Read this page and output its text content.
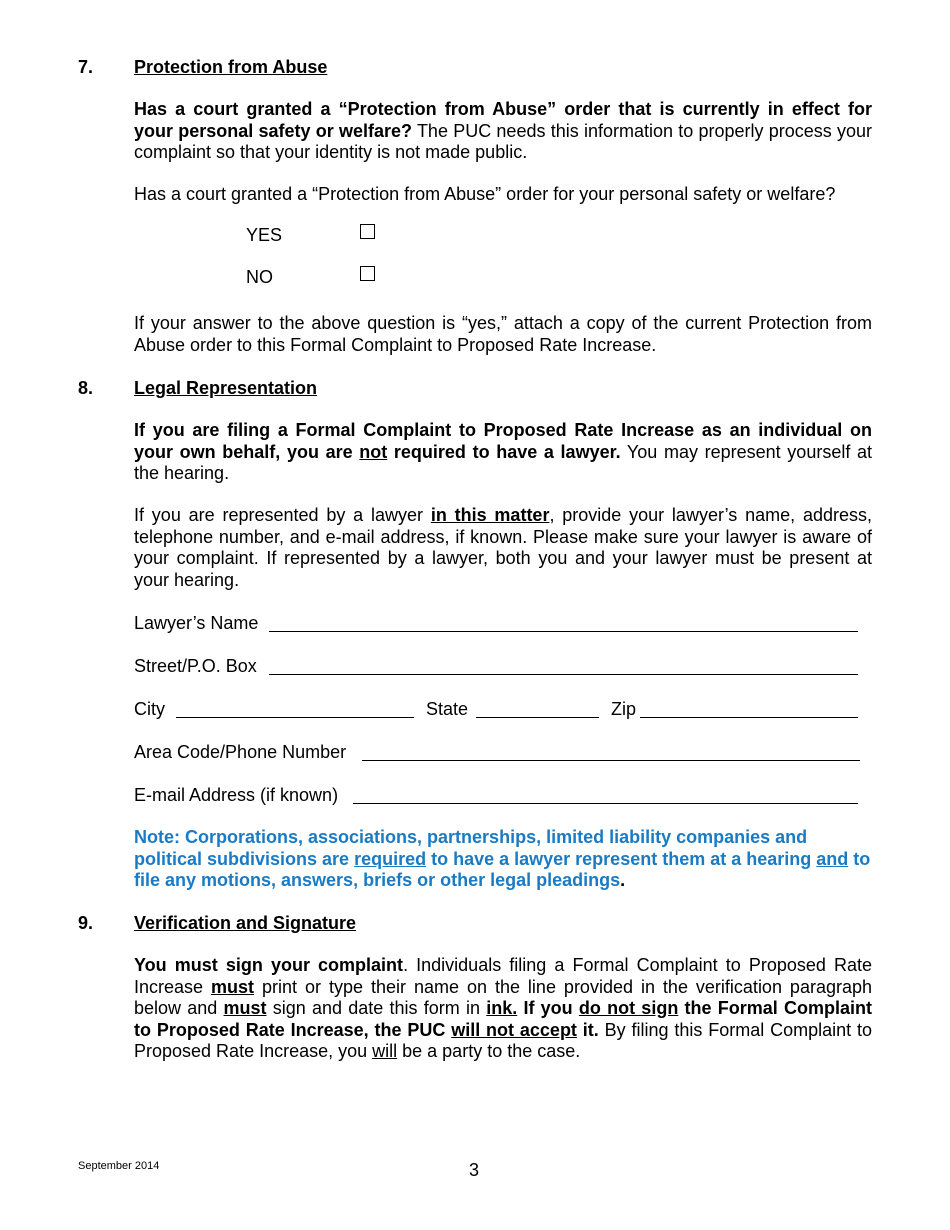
7. Protection from Abuse
Has a court granted a “Protection from Abuse” order that is currently in effect for your personal safety or welfare? The PUC needs this information to properly process your complaint so that your identity is not made public.
Has a court granted a “Protection from Abuse” order for your personal safety or welfare?
YES
NO
If your answer to the above question is “yes,” attach a copy of the current Protection from Abuse order to this Formal Complaint to Proposed Rate Increase.
8. Legal Representation
If you are filing a Formal Complaint to Proposed Rate Increase as an individual on your own behalf, you are not required to have a lawyer. You may represent yourself at the hearing.
If you are represented by a lawyer in this matter, provide your lawyer’s name, address, telephone number, and e-mail address, if known. Please make sure your lawyer is aware of your complaint. If represented by a lawyer, both you and your lawyer must be present at your hearing.
Lawyer’s Name
Street/P.O. Box
City	State	Zip
Area Code/Phone Number
E-mail Address (if known)
Note: Corporations, associations, partnerships, limited liability companies and political subdivisions are required to have a lawyer represent them at a hearing and to file any motions, answers, briefs or other legal pleadings.
9. Verification and Signature
You must sign your complaint. Individuals filing a Formal Complaint to Proposed Rate Increase must print or type their name on the line provided in the verification paragraph below and must sign and date this form in ink. If you do not sign the Formal Complaint to Proposed Rate Increase, the PUC will not accept it. By filing this Formal Complaint to Proposed Rate Increase, you will be a party to the case.
September 2014	3
